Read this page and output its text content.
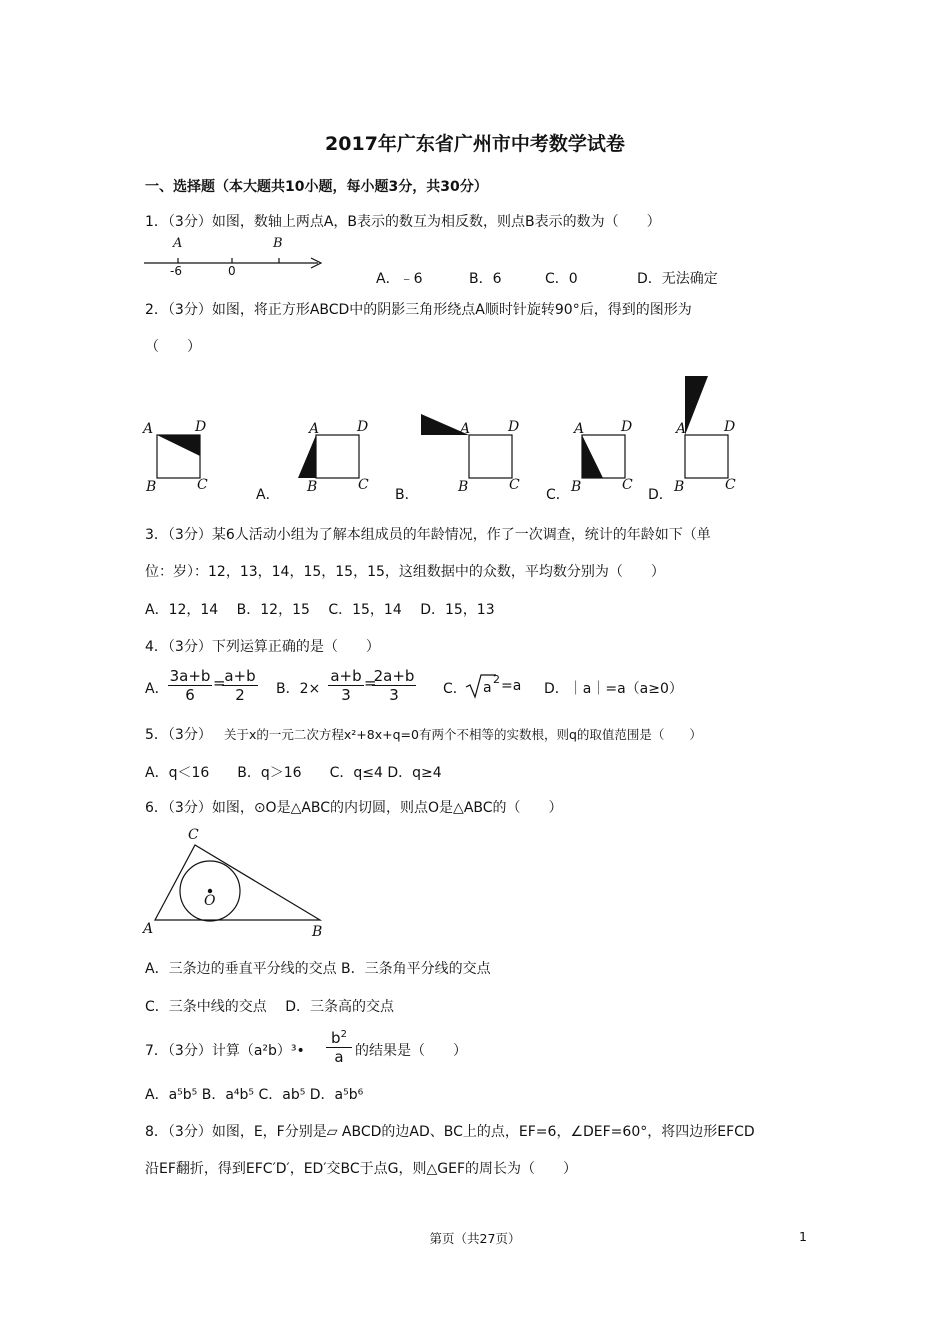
2017年广东省广州市中考数学试卷
一、选择题（本大题共10小题，每小题3分，共30分）
1．（3分）如图，数轴上两点A，B表示的数互为相反数，则点B表示的数为（　　）
A	B
-6	0	A．﹣6	B．6	C．0	D．无法确定
2．（3分）如图，将正方形ABCD中的阴影三角形绕点A顺时针旋转90°后，得到的图形为
（　　）
A	D
B	C
A．
A	D
B	C
B．
A	D
B	C
C．
A	D
B	C
D．
A	D
B	C
3．（3分）某6人活动小组为了解本组成员的年龄情况，作了一次调查，统计的年龄如下（单
位：岁）：12，13，14，15，15，15，这组数据中的众数，平均数分别为（　　）
A．12，14　 B．12，15　 C．15，14　 D．15，13
4．（3分）下列运算正确的是（　　）
A．
3a+b
6
=
a+b
2	B．2×
a+b
3
=
2a+b
3	C． a
2 =a D．｜a｜=a（a≥0）
5．（3分） 关于x的一元二次方程x²+8x+q=0有两个不相等的实数根，则q的取值范围是（　　）
A．q＜16　　B．q＞16　　C．q≤4 D．q≥4
6．（3分）如图，⊙O是△ABC的内切圆，则点O是△ABC的（　　）
C
O
A	B
A．三条边的垂直平分线的交点 B．三条角平分线的交点
C．三条中线的交点　 D．三条高的交点
7．（3分）计算（a²b）³•
$b^2$
a 的结果是（　　）
A．a⁵b⁵ B．a⁴b⁵ C．ab⁵ D．a⁵b⁶
8．（3分）如图，E，F分别是▱ ABCD的边AD、BC上的点，EF=6，∠DEF=60°，将四边形EFCD
沿EF翻折，得到EFC′D′，ED′交BC于点G，则△GEF的周长为（　　）
第页（共27页）	1
